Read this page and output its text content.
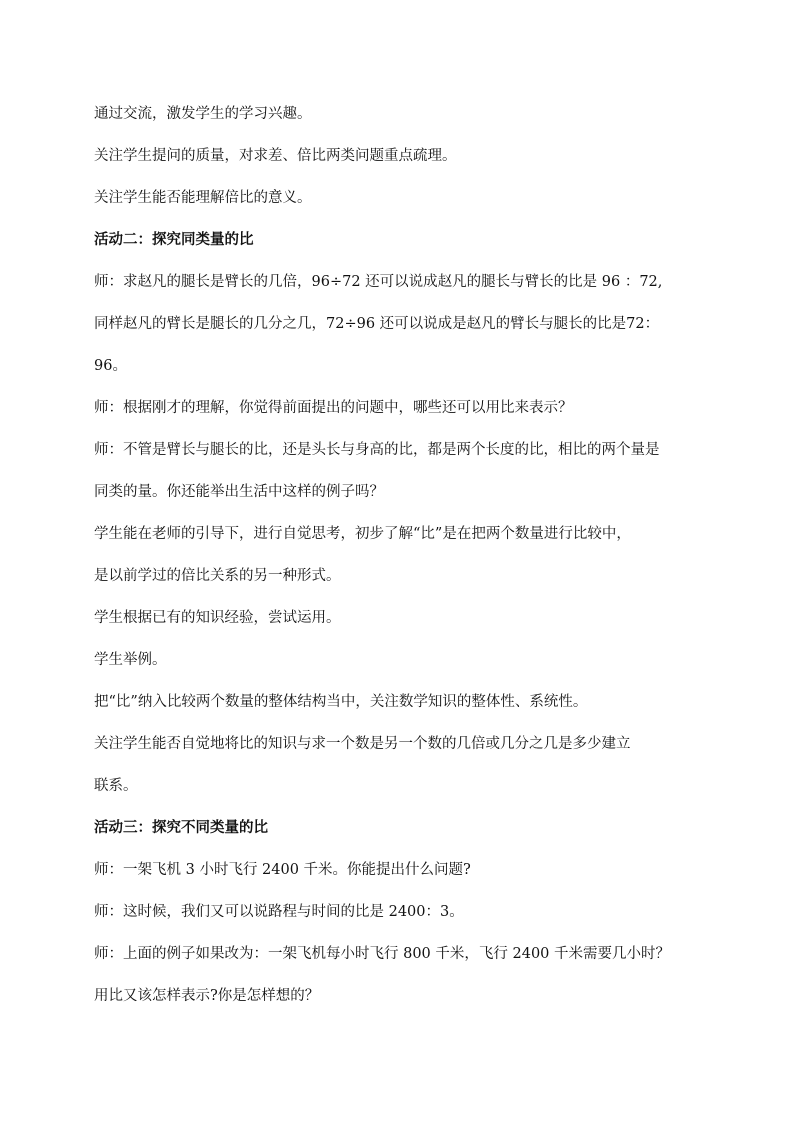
通过交流，激发学生的学习兴趣。
关注学生提问的质量，对求差、倍比两类问题重点疏理。
关注学生能否能理解倍比的意义。
活动二：探究同类量的比
师：求赵凡的腿长是臂长的几倍，96÷72 还可以说成赵凡的腿长与臂长的比是 96 ：72,
同样赵凡的臂长是腿长的几分之几，72÷96 还可以说成是赵凡的臂长与腿长的比是72：
96。
师：根据刚才的理解，你觉得前面提出的问题中，哪些还可以用比来表示？
师：不管是臂长与腿长的比，还是头长与身高的比，都是两个长度的比，相比的两个量是
同类的量。你还能举出生活中这样的例子吗？
学生能在老师的引导下，进行自觉思考，初步了解“比”是在把两个数量进行比较中，
是以前学过的倍比关系的另一种形式。
学生根据已有的知识经验，尝试运用。
学生举例。
把“比”纳入比较两个数量的整体结构当中，关注数学知识的整体性、系统性。
关注学生能否自觉地将比的知识与求一个数是另一个数的几倍或几分之几是多少建立
联系。
活动三：探究不同类量的比
师：一架飞机 3 小时飞行 2400 千米。你能提出什么问题?
师：这时候，我们又可以说路程与时间的比是 2400：3。
师：上面的例子如果改为：一架飞机每小时飞行 800 千米，飞行 2400 千米需要几小时？
用比又该怎样表示?你是怎样想的？
